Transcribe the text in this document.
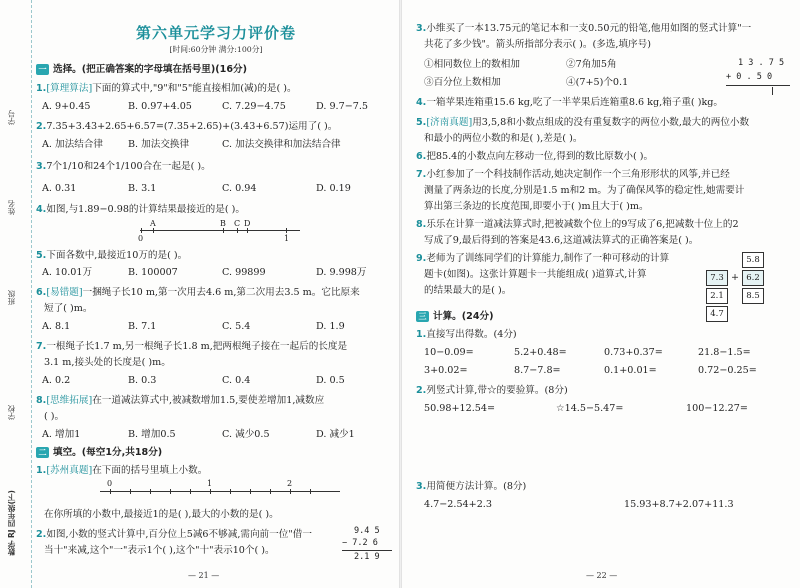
学号
姓名
班级
学校
数学 RJ 四年级(下)
第六单元学习力评价卷
[时间:60分钟 满分:100分]
一 选择。(把正确答案的字母填在括号里)(16分)
1.[算理算法]下面的算式中,"9"和"5"能直接相加(减)的是( )。
A. 9+0.45	B. 0.97+4.05	C. 7.29−4.75	D. 9.7−7.5
2.7.35+3.43+2.65+6.57=(7.35+2.65)+(3.43+6.57)运用了( )。
A. 加法结合律	B. 加法交换律	C. 加法交换律和加法结合律
3.7个1/10和24个1/100合在一起是( )。
A. 0.31	B. 3.1	C. 0.94	D. 0.19
4.如图,与1.89−0.98的计算结果最接近的是( )。
B C D
A
0	1
5.下面各数中,最接近10万的是( )。
A. 10.01万	B. 100007	C. 99899	D. 9.998万
6.[易错题]一捆绳子长10 m,第一次用去4.6 m,第二次用去3.5 m。它比原来
短了( )m。
A. 8.1	B. 7.1	C. 5.4	D. 1.9
7.一根绳子长1.7 m,另一根绳子长1.8 m,把两根绳子接在一起后的长度是
3.1 m,接头处的长度是( )m。
A. 0.2	B. 0.3	C. 0.4	D. 0.5
8.[思维拓展]在一道减法算式中,被减数增加1.5,要使差增加1,减数应
( )。
A. 增加1	B. 增加0.5	C. 减少0.5	D. 减少1
二 填空。(每空1分,共18分)
1.[苏州真题]在下面的括号里填上小数。
0	1	2
在你所填的小数中,最接近1的是( ),最大的小数的是( )。
2.如图,小数的竖式计算中,百分位上5减6不够减,需向前一位"借一
当十"来减,这个"一"表示1个( ),这个"十"表示10个( )。
9.4 5
− 7.2 6
2.1 9
— 21 —
3.小维买了一本13.75元的笔记本和一支0.50元的铅笔,他用如图的竖式计算"一
共花了多少钱"。箭头所指部分表示( )。(多选,填序号)
①相同数位上的数相加	②7角加5角
③百分位上数相加	④(7+5)个0.1
1 3 . 7 5
+ 0 . 5 0
4.一箱苹果连箱重15.6 kg,吃了一半苹果后连箱重8.6 kg,箱子重( )kg。
5.[济南真题]用3,5,8和小数点组成的没有重复数字的两位小数,最大的两位小数
和最小的两位小数的和是( ),差是( )。
6.把85.4的小数点向左移动一位,得到的数比原数小( )。
7.小红参加了一个科技制作活动,她决定制作一个三角形形状的风筝,并已经
测量了两条边的长度,分别是1.5 m和2 m。为了确保风筝的稳定性,她需要计
算出第三条边的长度范围,即要小于( )m且大于( )m。
8.乐乐在计算一道减法算式时,把被减数个位上的9写成了6,把减数十位上的2
写成了9,最后得到的答案是43.6,这道减法算式的正确答案是( )。
9.老师为了训练同学们的计算能力,制作了一种可移动的计算
题卡(如图)。这张计算题卡一共能组成( )道算式,计算
的结果最大的是( )。
5.8
7.3 + 6.2
2.1	8.5
4.7
三 计算。(24分)
1.直接写出得数。(4分)
10−0.09=	5.2+0.48=	0.73+0.37=	21.8−1.5=
3+0.02=	8.7−7.8=	0.1+0.01=	0.72−0.25=
2.列竖式计算,带☆的要验算。(8分)
50.98+12.54=	☆14.5−5.47=	100−12.27=
3.用简便方法计算。(8分)
4.7−2.54+2.3	15.93+8.7+2.07+11.3
— 22 —
